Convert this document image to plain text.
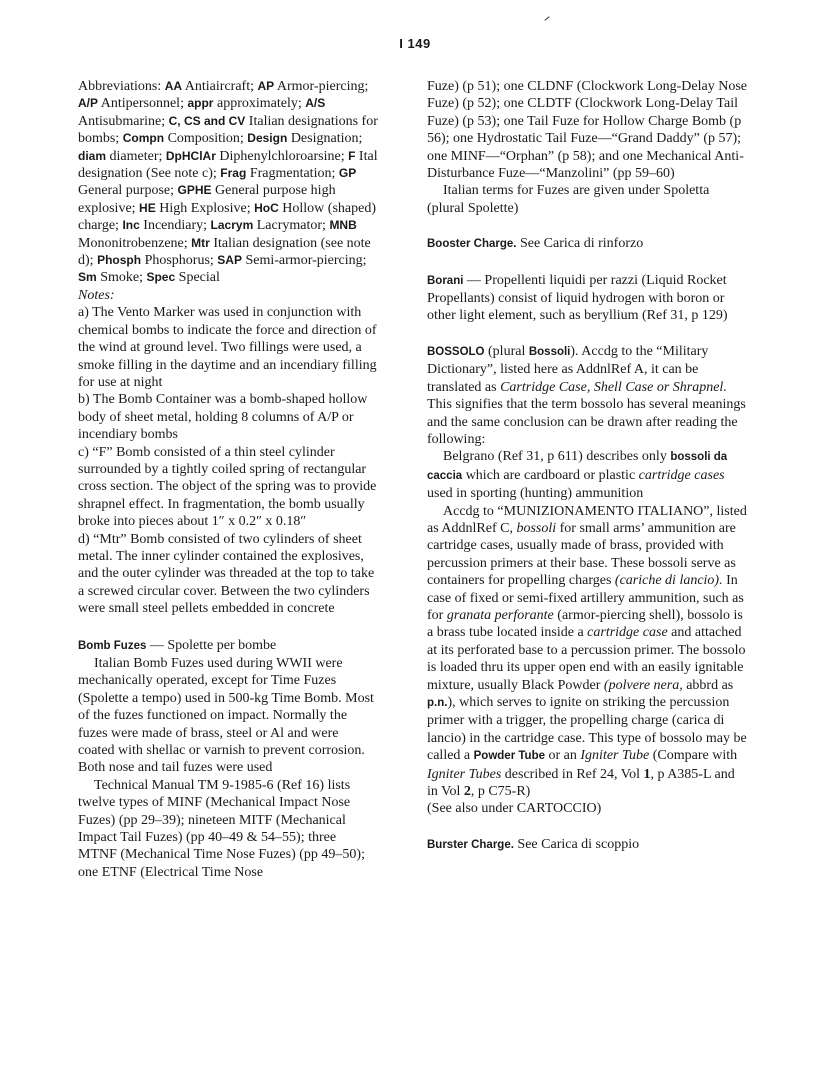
I 149

Abbreviations: AA Antiaircraft; AP Armor-piercing; A/P Antipersonnel; appr approximately; A/S Antisubmarine; C, CS and CV Italian designations for bombs; Compn Composition; Design Designation; diam diameter; DpHClAr Diphenylchloroarsine; F Ital designation (See note c); Frag Fragmentation; GP General purpose; GPHE General purpose high explosive; HE High Explosive; HoC Hollow (shaped) charge; Inc Incendiary; Lacrym Lacrymator; MNB Mononitrobenzene; Mtr Italian designation (see note d); Phosph Phosphorus; SAP Semi-armor-piercing; Sm Smoke; Spec Special

Notes:

a) The Vento Marker was used in conjunction with chemical bombs to indicate the force and direction of the wind at ground level. Two fillings were used, a smoke filling in the daytime and an incendiary filling for use at night

b) The Bomb Container was a bomb-shaped hollow body of sheet metal, holding 8 columns of A/P or incendiary bombs

c) “F” Bomb consisted of a thin steel cylinder surrounded by a tightly coiled spring of rectangular cross section. The object of the spring was to provide shrapnel effect. In fragmentation, the bomb usually broke into pieces about 1″ x 0.2″ x 0.18″

d) “Mtr” Bomb consisted of two cylinders of sheet metal. The inner cylinder contained the explosives, and the outer cylinder was threaded at the top to take a screwed circular cover. Between the two cylinders were small steel pellets embedded in concrete

Bomb Fuzes — Spolette per bombe

Italian Bomb Fuzes used during WWII were mechanically operated, except for Time Fuzes (Spolette a tempo) used in 500-kg Time Bomb. Most of the fuzes functioned on impact. Normally the fuzes were made of brass, steel or Al and were coated with shellac or varnish to prevent corrosion. Both nose and tail fuzes were used

Technical Manual TM 9-1985-6 (Ref 16) lists twelve types of MINF (Mechanical Impact Nose Fuzes) (pp 29–39); nineteen MITF (Mechanical Impact Tail Fuzes) (pp 40–49 & 54–55); three MTNF (Mechanical Time Nose Fuzes) (pp 49–50); one ETNF (Electrical Time Nose

Fuze) (p 51); one CLDNF (Clockwork Long-Delay Nose Fuze) (p 52); one CLDTF (Clockwork Long-Delay Tail Fuze) (p 53); one Tail Fuze for Hollow Charge Bomb (p 56); one Hydrostatic Tail Fuze—“Grand Daddy” (p 57); one MINF—“Orphan” (p 58); and one Mechanical Anti-Disturbance Fuze—“Manzolini” (pp 59–60)

Italian terms for Fuzes are given under Spoletta (plural Spolette)

Booster Charge. See Carica di rinforzo

Borani — Propellenti liquidi per razzi (Liquid Rocket Propellants) consist of liquid hydrogen with boron or other light element, such as beryllium (Ref 31, p 129)

BOSSOLO (plural Bossoli). Accdg to the “Military Dictionary”, listed here as AddnlRef A, it can be translated as Cartridge Case, Shell Case or Shrapnel. This signifies that the term bossolo has several meanings and the same conclusion can be drawn after reading the following:

Belgrano (Ref 31, p 611) describes only bossoli da caccia which are cardboard or plastic cartridge cases used in sporting (hunting) ammunition

Accdg to “MUNIZIONAMENTO ITALIANO”, listed as AddnlRef C, bossoli for small arms’ ammunition are cartridge cases, usually made of brass, provided with percussion primers at their base. These bossoli serve as containers for propelling charges (cariche di lancio). In case of fixed or semi-fixed artillery ammunition, such as for granata perforante (armor-piercing shell), bossolo is a brass tube located inside a cartridge case and attached at its perforated base to a percussion primer. The bossolo is loaded thru its upper open end with an easily ignitable mixture, usually Black Powder (polvere nera, abbrd as p.n.), which serves to ignite on striking the percussion primer with a trigger, the propelling charge (carica di lancio) in the cartridge case. This type of bossolo may be called a Powder Tube or an Igniter Tube (Compare with Igniter Tubes described in Ref 24, Vol 1, p A385-L and in Vol 2, p C75-R)

(See also under CARTOCCIO)

Burster Charge. See Carica di scoppio
